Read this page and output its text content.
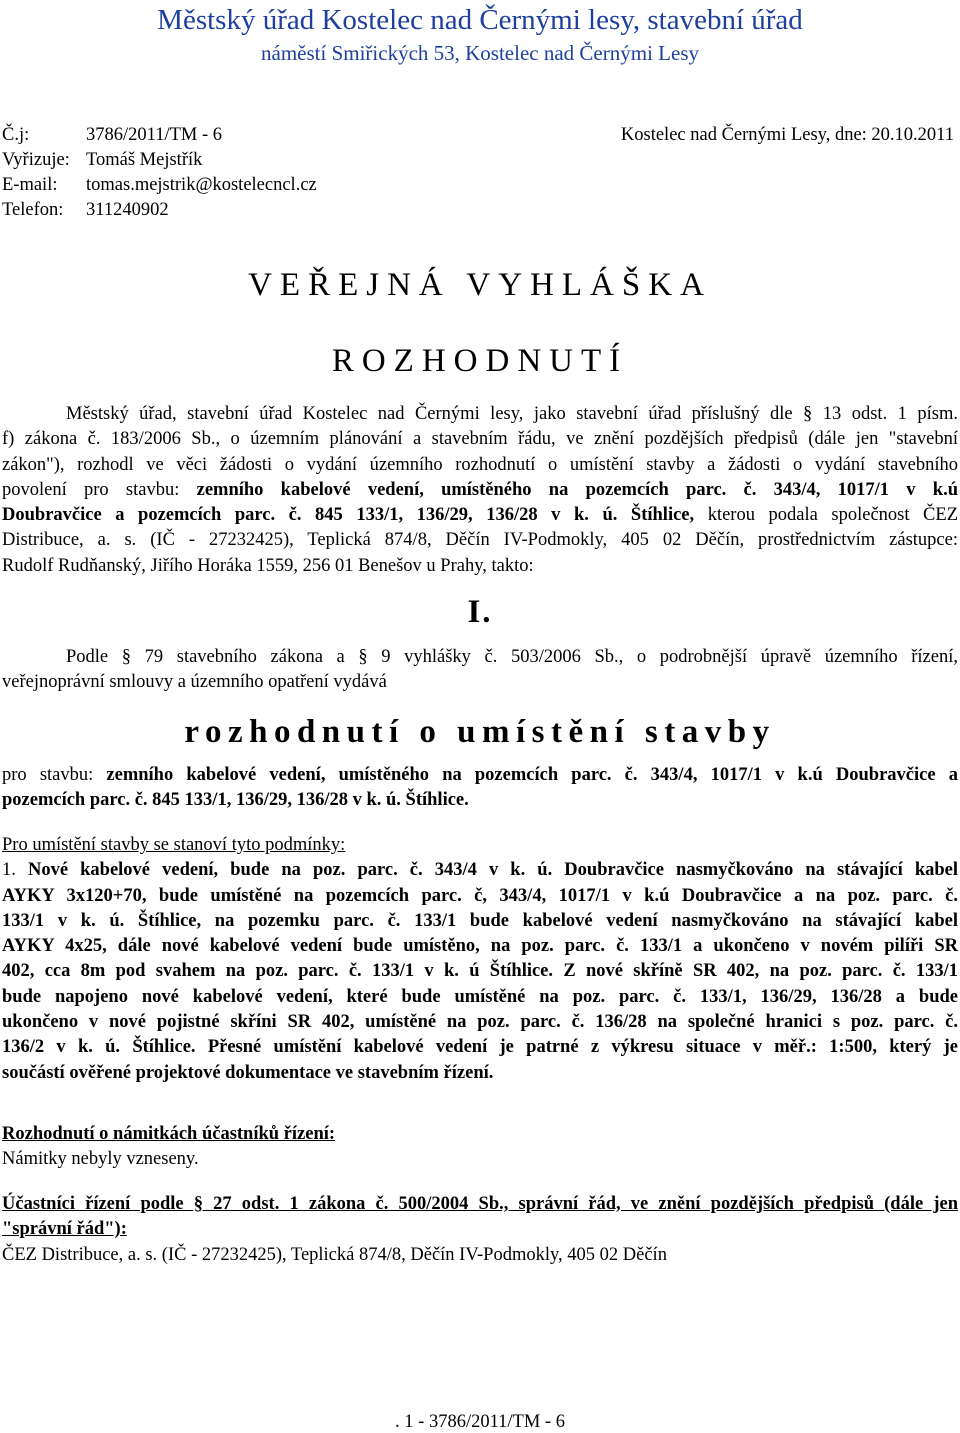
Městský úřad Kostelec nad Černými lesy, stavební úřad
náměstí Smiřických 53, Kostelec nad Černými Lesy
Č.j:	3786/2011/TM - 6	Kostelec nad Černými Lesy, dne: 20.10.2011
Vyřizuje: Tomáš Mejstřík
E-mail: tomas.mejstrik@kostelecncl.cz
Telefon: 311240902
VEŘEJNÁ VYHLÁŠKA
ROZHODNUTÍ
Městský úřad, stavební úřad Kostelec nad Černými lesy, jako stavební úřad příslušný dle § 13 odst. 1 písm.
f) zákona č. 183/2006 Sb., o územním plánování a stavebním řádu, ve znění pozdějších předpisů (dále jen "stavební
zákon"), rozhodl ve věci žádosti o vydání územního rozhodnutí o umístění stavby a žádosti o vydání stavebního
povolení pro stavbu: zemního kabelové vedení, umístěného na pozemcích parc. č. 343/4, 1017/1 v k.ú
Doubravčice a pozemcích parc. č. 845 133/1, 136/29, 136/28 v k. ú. Štíhlice, kterou podala společnost ČEZ
Distribuce, a. s. (IČ - 27232425), Teplická 874/8, Děčín IV-Podmokly, 405 02 Děčín, prostřednictvím zástupce:
Rudolf Rudňanský, Jiřího Horáka 1559, 256 01 Benešov u Prahy, takto:
I.
Podle § 79 stavebního zákona a § 9 vyhlášky č. 503/2006 Sb., o podrobnější úpravě územního řízení,
veřejnoprávní smlouvy a územního opatření vydává
rozhodnutí o umístění stavby
pro stavbu: zemního kabelové vedení, umístěného na pozemcích parc. č. 343/4, 1017/1 v k.ú Doubravčice a
pozemcích parc. č. 845 133/1, 136/29, 136/28 v k. ú. Štíhlice.
Pro umístění stavby se stanoví tyto podmínky:
1. Nové kabelové vedení, bude na poz. parc. č. 343/4 v k. ú. Doubravčice nasmyčkováno na stávající kabel
AYKY 3x120+70, bude umístěné na pozemcích parc. č, 343/4, 1017/1 v k.ú Doubravčice a na poz. parc. č.
133/1 v k. ú. Štíhlice, na pozemku parc. č. 133/1 bude kabelové vedení nasmyčkováno na stávající kabel
AYKY 4x25, dále nové kabelové vedení bude umístěno, na poz. parc. č. 133/1 a ukončeno v novém pilíři SR
402, cca 8m pod svahem na poz. parc. č. 133/1 v k. ú Štíhlice. Z nové skříně SR 402, na poz. parc. č. 133/1
bude napojeno nové kabelové vedení, které bude umístěné na poz. parc. č. 133/1, 136/29, 136/28 a bude
ukončeno v nové pojistné skříni SR 402, umístěné na poz. parc. č. 136/28 na společné hranici s poz. parc. č.
136/2 v k. ú. Štíhlice. Přesné umístění kabelové vedení je patrné z výkresu situace v měř.: 1:500, který je
součástí ověřené projektové dokumentace ve stavebním řízení.
Rozhodnutí o námitkách účastníků řízení:
Námitky nebyly vzneseny.
Účastníci řízení podle § 27 odst. 1 zákona č. 500/2004 Sb., správní řád, ve znění pozdějších předpisů (dále jen
"správní řád"):
ČEZ Distribuce, a. s. (IČ - 27232425), Teplická 874/8, Děčín IV-Podmokly, 405 02 Děčín
. 1 - 3786/2011/TM - 6
